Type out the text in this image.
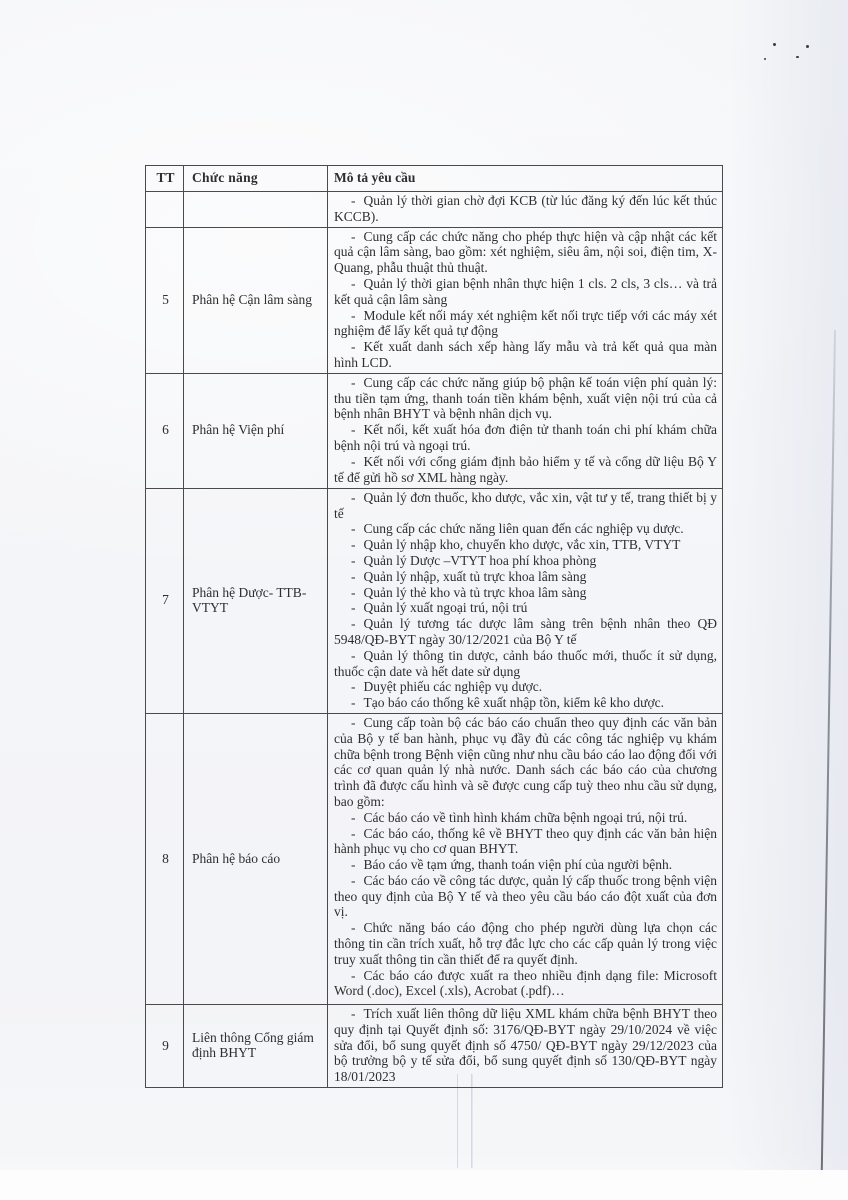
TT Chức năng	Mô tả yêu cầu

- Quản lý thời gian chờ đợi KCB (từ lúc đăng ký đến lúc kết thúc KCCB).

5 Phân hệ Cận lâm sàng

- Cung cấp các chức năng cho phép thực hiện và cập nhật các kết quả cận lâm sàng, bao gồm: xét nghiệm, siêu âm, nội soi, điện tim, X-Quang, phẫu thuật thủ thuật.

- Quản lý thời gian bệnh nhân thực hiện 1 cls. 2 cls, 3 cls… và trả kết quả cận lâm sàng

- Module kết nối máy xét nghiệm kết nối trực tiếp với các máy xét nghiệm để lấy kết quả tự động

- Kết xuất danh sách xếp hàng lấy mẫu và trả kết quả qua màn hình LCD.

6 Phân hệ Viện phí

- Cung cấp các chức năng giúp bộ phận kế toán viện phí quản lý: thu tiền tạm ứng, thanh toán tiền khám bệnh, xuất viện nội trú của cả bệnh nhân BHYT và bệnh nhân dịch vụ.

- Kết nối, kết xuất hóa đơn điện tử thanh toán chi phí khám chữa bệnh nội trú và ngoại trú.

- Kết nối với cổng giám định bảo hiểm y tế và cổng dữ liệu Bộ Y tế để gửi hồ sơ XML hàng ngày.

7
Phân hệ Dược- TTB- VTYT

- Quản lý đơn thuốc, kho dược, vắc xin, vật tư y tế, trang thiết bị y tế

- Cung cấp các chức năng liên quan đến các nghiệp vụ dược.

- Quản lý nhập kho, chuyển kho dược, vắc xin, TTB, VTYT

- Quản lý Dược –VTYT hoa phí khoa phòng

- Quản lý nhập, xuất tủ trực khoa lâm sàng

- Quản lý thẻ kho và tủ trực khoa lâm sàng

- Quản lý xuất ngoại trú, nội trú

- Quản lý tương tác dược lâm sàng trên bệnh nhân theo QĐ 5948/QĐ-BYT ngày 30/12/2021 của Bộ Y tế

- Quản lý thông tin dược, cảnh báo thuốc mới, thuốc ít sử dụng, thuốc cận date và hết date sử dụng

- Duyệt phiếu các nghiệp vụ dược.

- Tạo báo cáo thống kê xuất nhập tồn, kiểm kê kho dược.

8 Phân hệ báo cáo

- Cung cấp toàn bộ các báo cáo chuẩn theo quy định các văn bản của Bộ y tế ban hành, phục vụ đầy đủ các công tác nghiệp vụ khám chữa bệnh trong Bệnh viện cũng như nhu cầu báo cáo lao động đối với các cơ quan quản lý nhà nước. Danh sách các báo cáo của chương trình đã được cấu hình và sẽ được cung cấp tuỳ theo nhu cầu sử dụng, bao gồm:

- Các báo cáo về tình hình khám chữa bệnh ngoại trú, nội trú.

- Các báo cáo, thống kê về BHYT theo quy định các văn bản hiện hành phục vụ cho cơ quan BHYT.

- Báo cáo về tạm ứng, thanh toán viện phí của người bệnh.

- Các báo cáo về công tác dược, quản lý cấp thuốc trong bệnh viện theo quy định của Bộ Y tế và theo yêu cầu báo cáo đột xuất của đơn vị.

- Chức năng báo cáo động cho phép người dùng lựa chọn các thông tin cần trích xuất, hỗ trợ đắc lực cho các cấp quản lý trong việc truy xuất thông tin cần thiết để ra quyết định.

- Các báo cáo được xuất ra theo nhiều định dạng file: Microsoft Word (.doc), Excel (.xls), Acrobat (.pdf)…

9
Liên thông Cổng giám định BHYT

- Trích xuất liên thông dữ liệu XML khám chữa bệnh BHYT theo quy định tại Quyết định số: 3176/QĐ-BYT ngày 29/10/2024 về việc sửa đổi, bổ sung quyết định số 4750/ QĐ-BYT ngày 29/12/2023 của bộ trưởng bộ y tế sửa đổi, bổ sung quyết định số 130/QĐ-BYT ngày 18/01/2023
